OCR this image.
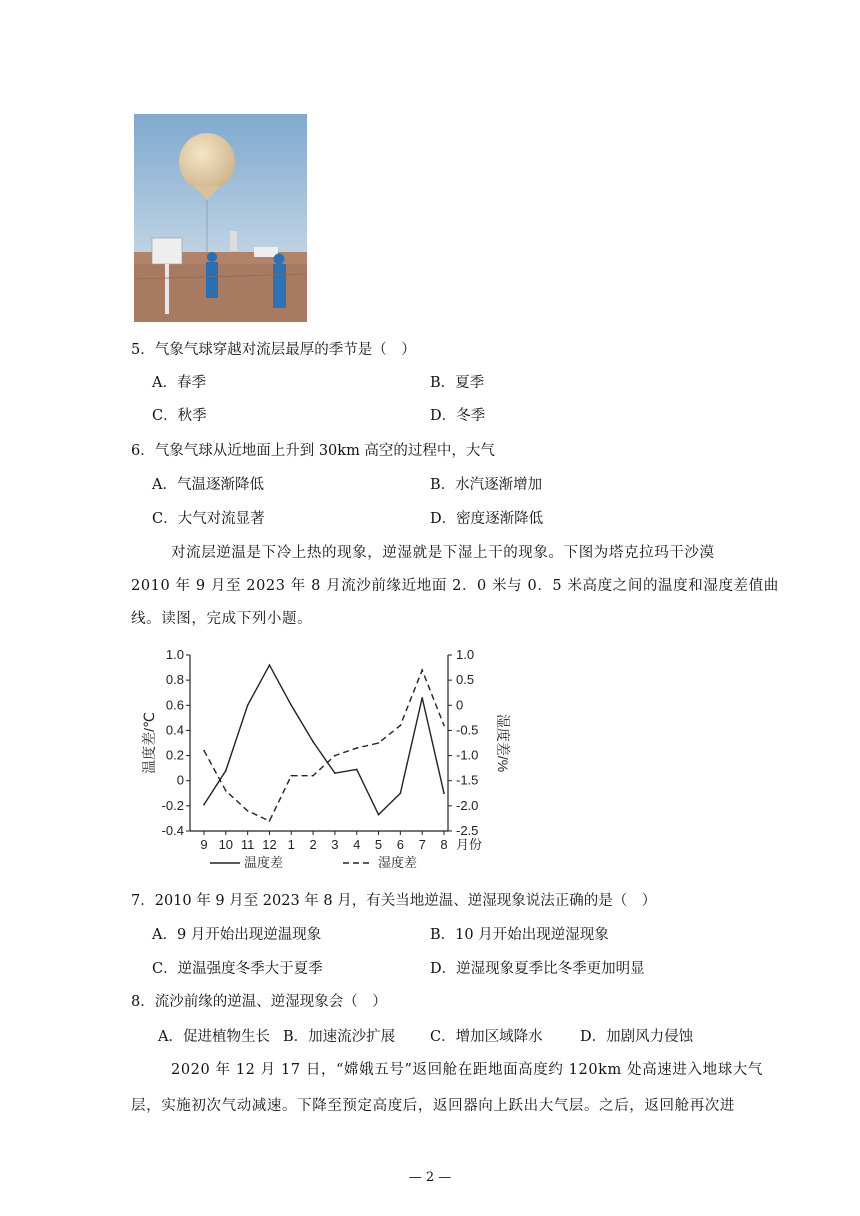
5．气象气球穿越对流层最厚的季节是（　）
A．春季	B．夏季
C．秋季	D．冬季
6．气象气球从近地面上升到 30km 高空的过程中，大气
A．气温逐渐降低	B．水汽逐渐增加
C．大气对流显著	D．密度逐渐降低
对流层逆温是下冷上热的现象，逆湿就是下湿上干的现象。下图为塔克拉玛干沙漠
2010 年 9 月至 2023 年 8 月流沙前缘近地面 2．0 米与 0．5 米高度之间的温度和湿度差值曲
线。读图，完成下列小题。
1.0
0.8
0.6
0.4
0.2
0
-0.2
-0.4
1.0
0.5
0
-0.5
-1.0
-1.5
-2.0
-2.5
9 10 11 12 1 2 3 4 5 6 7 8 月份
温度差/℃	湿度差/%
温度差	湿度差
7．2010 年 9 月至 2023 年 8 月，有关当地逆温、逆湿现象说法正确的是（　）
A．9 月开始出现逆温现象	B．10 月开始出现逆湿现象
C．逆温强度冬季大于夏季	D．逆湿现象夏季比冬季更加明显
8．流沙前缘的逆温、逆湿现象会（　）
A．促进植物生长 B．加速流沙扩展 C．增加区域降水	D．加剧风力侵蚀
2020 年 12 月 17 日，“嫦娥五号”返回舱在距地面高度约 120km 处高速进入地球大气
层，实施初次气动减速。下降至预定高度后，返回器向上跃出大气层。之后，返回舱再次进
— 2 —
